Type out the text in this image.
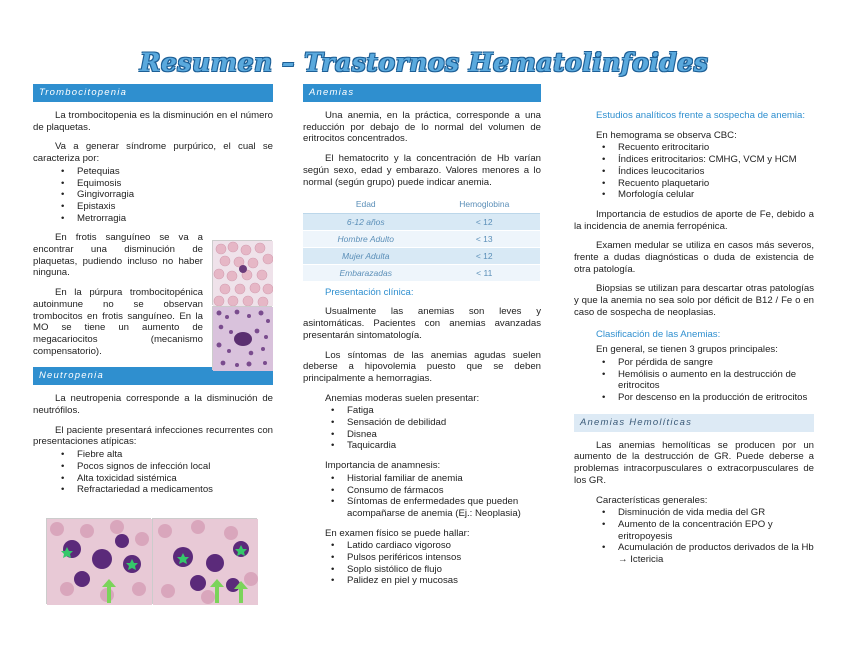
Resumen – Trastornos Hematolinfoides
Trombocitopenia

La trombocitopenia es la disminución en el número de plaquetas.

Va a generar síndrome purpúrico, el cual se caracteriza por:

• Petequias
• Equimosis
• Gingivorragia
• Epistaxis
• Metrorragia

En frotis sanguíneo se va a encontrar una disminución de plaquetas, pudiendo incluso no haber ninguna.

En la púrpura trombocitopénica autoinmune no se observan trombocitos en frotis sanguíneo. En la MO se tiene un aumento de megacariocitos (mecanismo compensatorio).

Neutropenia

La neutropenia corresponde a la disminución de neutrófilos.

El paciente presentará infecciones recurrentes con presentaciones atípicas:

• Fiebre alta
• Pocos signos de infección local
• Alta toxicidad sistémica
• Refractariedad a medicamentos
Anemias

Una anemia, en la práctica, corresponde a una reducción por debajo de lo normal del volumen de eritrocitos concentrados.

El hematocrito y la concentración de Hb varían según sexo, edad y embarazo. Valores menores a lo normal (según grupo) puede indicar anemia.

Edad	Hemoglobina
6-12 años	< 12
Hombre Adulto	< 13
Mujer Adulta	< 12
Embarazadas	< 11
Presentación clínica:

Usualmente las anemias son leves y asintomáticas. Pacientes con anemias avanzadas presentarán sintomatología.

Los síntomas de las anemias agudas suelen deberse a hipovolemia puesto que se deben principalmente a hemorragias.

Anemias moderas suelen presentar:
• Fatiga
• Sensación de debilidad
• Disnea
• Taquicardia
Importancia de anamnesis:
• Historial familiar de anemia
• Consumo de fármacos
• Síntomas de enfermedades que pueden acompañarse de anemia (Ej.: Neoplasia)
En examen físico se puede hallar:
• Latido cardiaco vigoroso
• Pulsos periféricos intensos
• Soplo sistólico de flujo
• Palidez en piel y mucosas
Estudios analíticos frente a sospecha de anemia:
En hemograma se observa CBC:
• Recuento eritrocitario
• Índices eritrocitarios: CMHG, VCM y HCM
• Índices leucocitarios
• Recuento plaquetario
• Morfología celular

Importancia de estudios de aporte de Fe, debido a la incidencia de anemia ferropénica.

Examen medular se utiliza en casos más severos, frente a dudas diagnósticas o duda de existencia de otra patología.

Biopsias se utilizan para descartar otras patologías y que la anemia no sea solo por déficit de B12 / Fe o en caso de sospecha de neoplasias.

Clasificación de las Anemias:
En general, se tienen 3 grupos principales:
• Por pérdida de sangre
• Hemólisis o aumento en la destrucción de eritrocitos
• Por descenso en la producción de eritrocitos
Anemias Hemolíticas

Las anemias hemolíticas se producen por un aumento de la destrucción de GR. Puede deberse a problemas intracorpusculares o extracorpusculares de los GR.

Características generales:
• Disminución de vida media del GR
• Aumento de la concentración EPO y eritropoyesis
• Acumulación de productos derivados de la Hb → Ictericia
